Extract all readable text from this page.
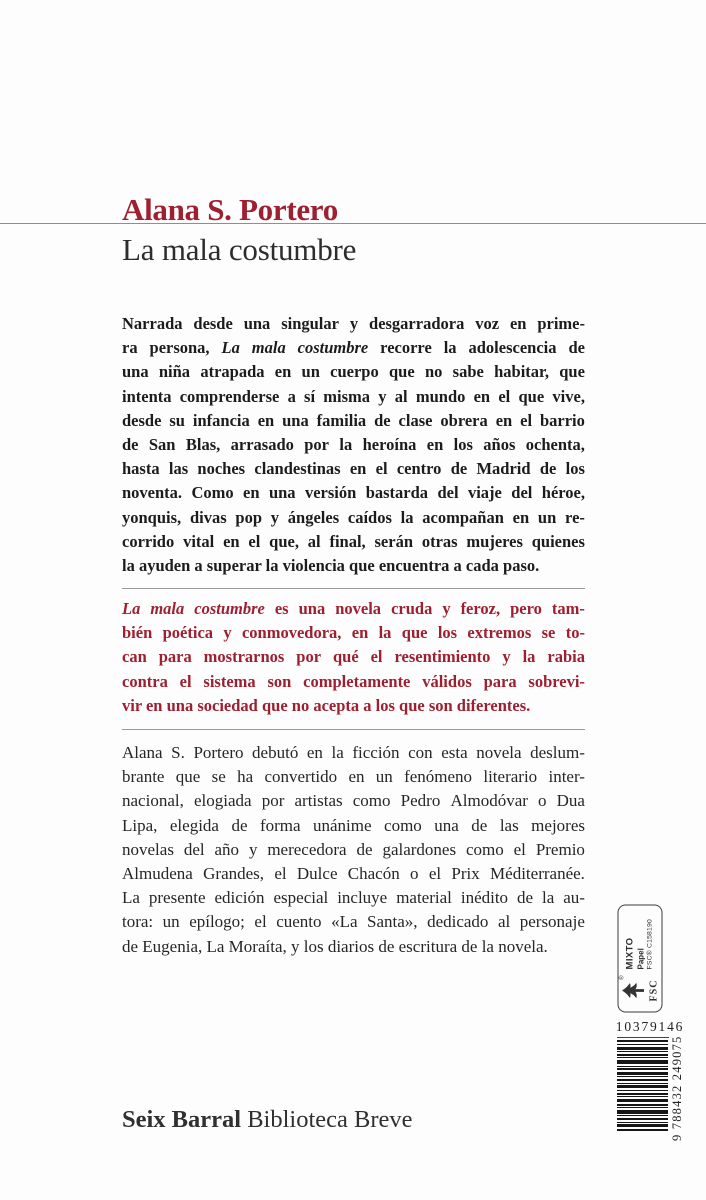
Alana S. Portero
La mala costumbre
Narrada desde una singular y desgarradora voz en prime-
ra persona, La mala costumbre recorre la adolescencia de
una niña atrapada en un cuerpo que no sabe habitar, que
intenta comprenderse a sí misma y al mundo en el que vive,
desde su infancia en una familia de clase obrera en el barrio
de San Blas, arrasado por la heroína en los años ochenta,
hasta las noches clandestinas en el centro de Madrid de los
noventa. Como en una versión bastarda del viaje del héroe,
yonquis, divas pop y ángeles caídos la acompañan en un re-
corrido vital en el que, al final, serán otras mujeres quienes
la ayuden a superar la violencia que encuentra a cada paso.
La mala costumbre es una novela cruda y feroz, pero tam-
bién poética y conmovedora, en la que los extremos se to-
can para mostrarnos por qué el resentimiento y la rabia
contra el sistema son completamente válidos para sobrevi-
vir en una sociedad que no acepta a los que son diferentes.
Alana S. Portero debutó en la ficción con esta novela deslum-
brante que se ha convertido en un fenómeno literario inter-
nacional, elogiada por artistas como Pedro Almodóvar o Dua
Lipa, elegida de forma unánime como una de las mejores
novelas del año y merecedora de galardones como el Premio
Almudena Grandes, el Dulce Chacón o el Prix Méditerranée.
La presente edición especial incluye material inédito de la au-
tora: un epílogo; el cuento «La Santa», dedicado al personaje
de Eugenia, La Moraíta, y los diarios de escritura de la novela.
Seix Barral Biblioteca Breve
®
FSC
MIXTO Papel FSC® C158190
10379146
9 788432 249075
